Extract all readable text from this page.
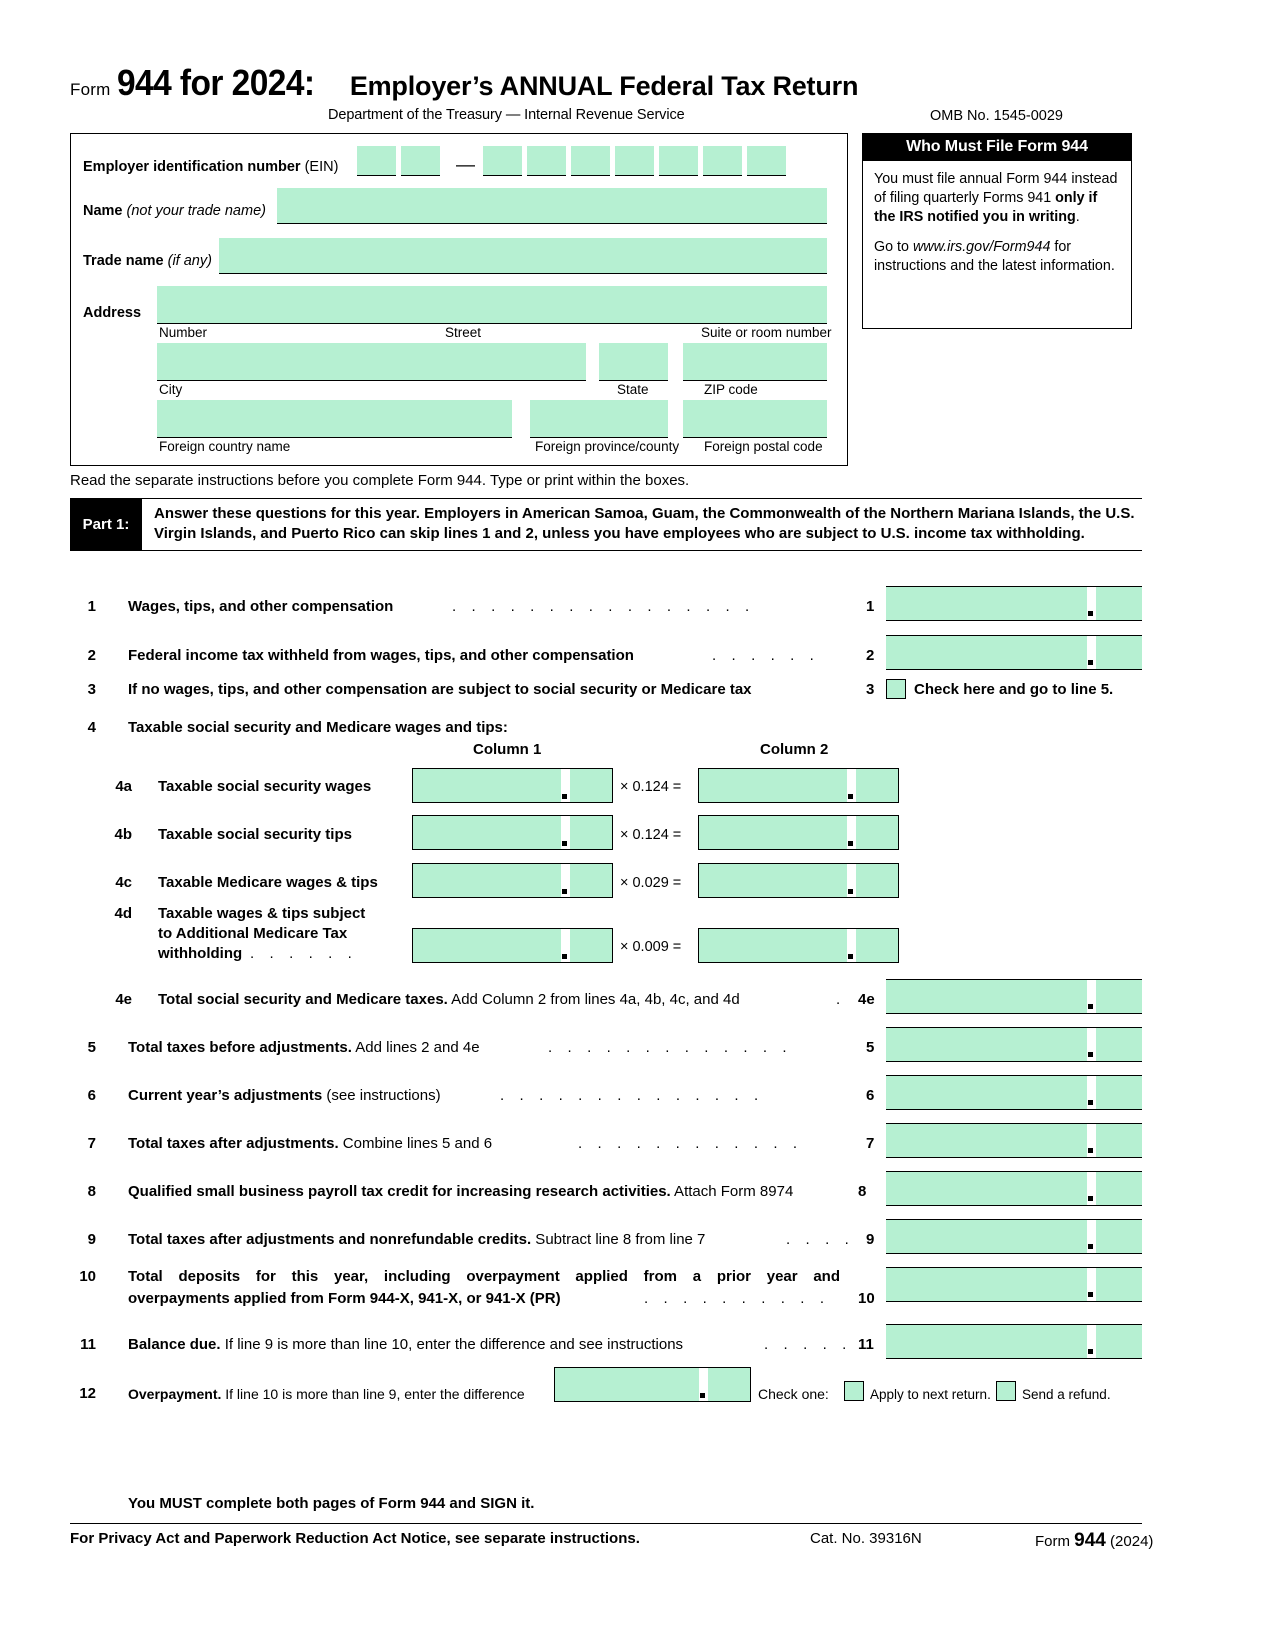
Form 944 for 2024: Employer’s ANNUAL Federal Tax Return
Department of the Treasury — Internal Revenue Service	OMB No. 1545-0029
Employer identification number (EIN)	—
Name (not your trade name)
Trade name (if any)
Address
Number	Street	Suite or room number
City	State	ZIP code
Foreign country name	Foreign province/county Foreign postal code
Who Must File Form 944

You must file annual Form 944 instead of filing quarterly Forms 941 only if the IRS notified you in writing.

Go to www.irs.gov/Form944 for instructions and the latest information.

Read the separate instructions before you complete Form 944. Type or print within the boxes.
Part 1:
Answer these questions for this year. Employers in American Samoa, Guam, the Commonwealth of the Northern Mariana Islands, the U.S. Virgin Islands, and Puerto Rico can skip lines 1 and 2, unless you have employees who are subject to U.S. income tax withholding.
1 Wages, tips, and other compensation	. . . . . . . . . . . . . . . .	1
2 Federal income tax withheld from wages, tips, and other compensation	. . . . . .	2
3 If no wages, tips, and other compensation are subject to social security or Medicare tax	3	Check here and go to line 5.
4 Taxable social security and Medicare wages and tips:
Column 1	Column 2
4a Taxable social security wages	× 0.124 =
4b Taxable social security tips	× 0.124 =
4c Taxable Medicare wages & tips	× 0.029 =
4d Taxable wages & tips subject
to Additional Medicare Tax
withholding . . . . . .	× 0.009 =
4e Total social security and Medicare taxes. Add Column 2 from lines 4a, 4b, 4c, and 4d	. 4e
5 Total taxes before adjustments. Add lines 2 and 4e	. . . . . . . . . . . . .	5
6 Current year’s adjustments (see instructions)	. . . . . . . . . . . . . .	6
7 Total taxes after adjustments. Combine lines 5 and 6	. . . . . . . . . . . .	7
8 Qualified small business payroll tax credit for increasing research activities. Attach Form 8974	8
9 Total taxes after adjustments and nonrefundable credits. Subtract line 8 from line 7	. . . . 9
10 Total deposits for this year, including overpayment applied from a prior year and
overpayments applied from Form 944-X, 941-X, or 941-X (PR)	. . . . . . . . . . 10
11 Balance due. If line 9 is more than line 10, enter the difference and see instructions	. . . . . 11
12 Overpayment. If line 10 is more than line 9, enter the difference	Check one:	Apply to next return. Send a refund.
You MUST complete both pages of Form 944 and SIGN it.
For Privacy Act and Paperwork Reduction Act Notice, see separate instructions.	Cat. No. 39316N	Form 944 (2024)
